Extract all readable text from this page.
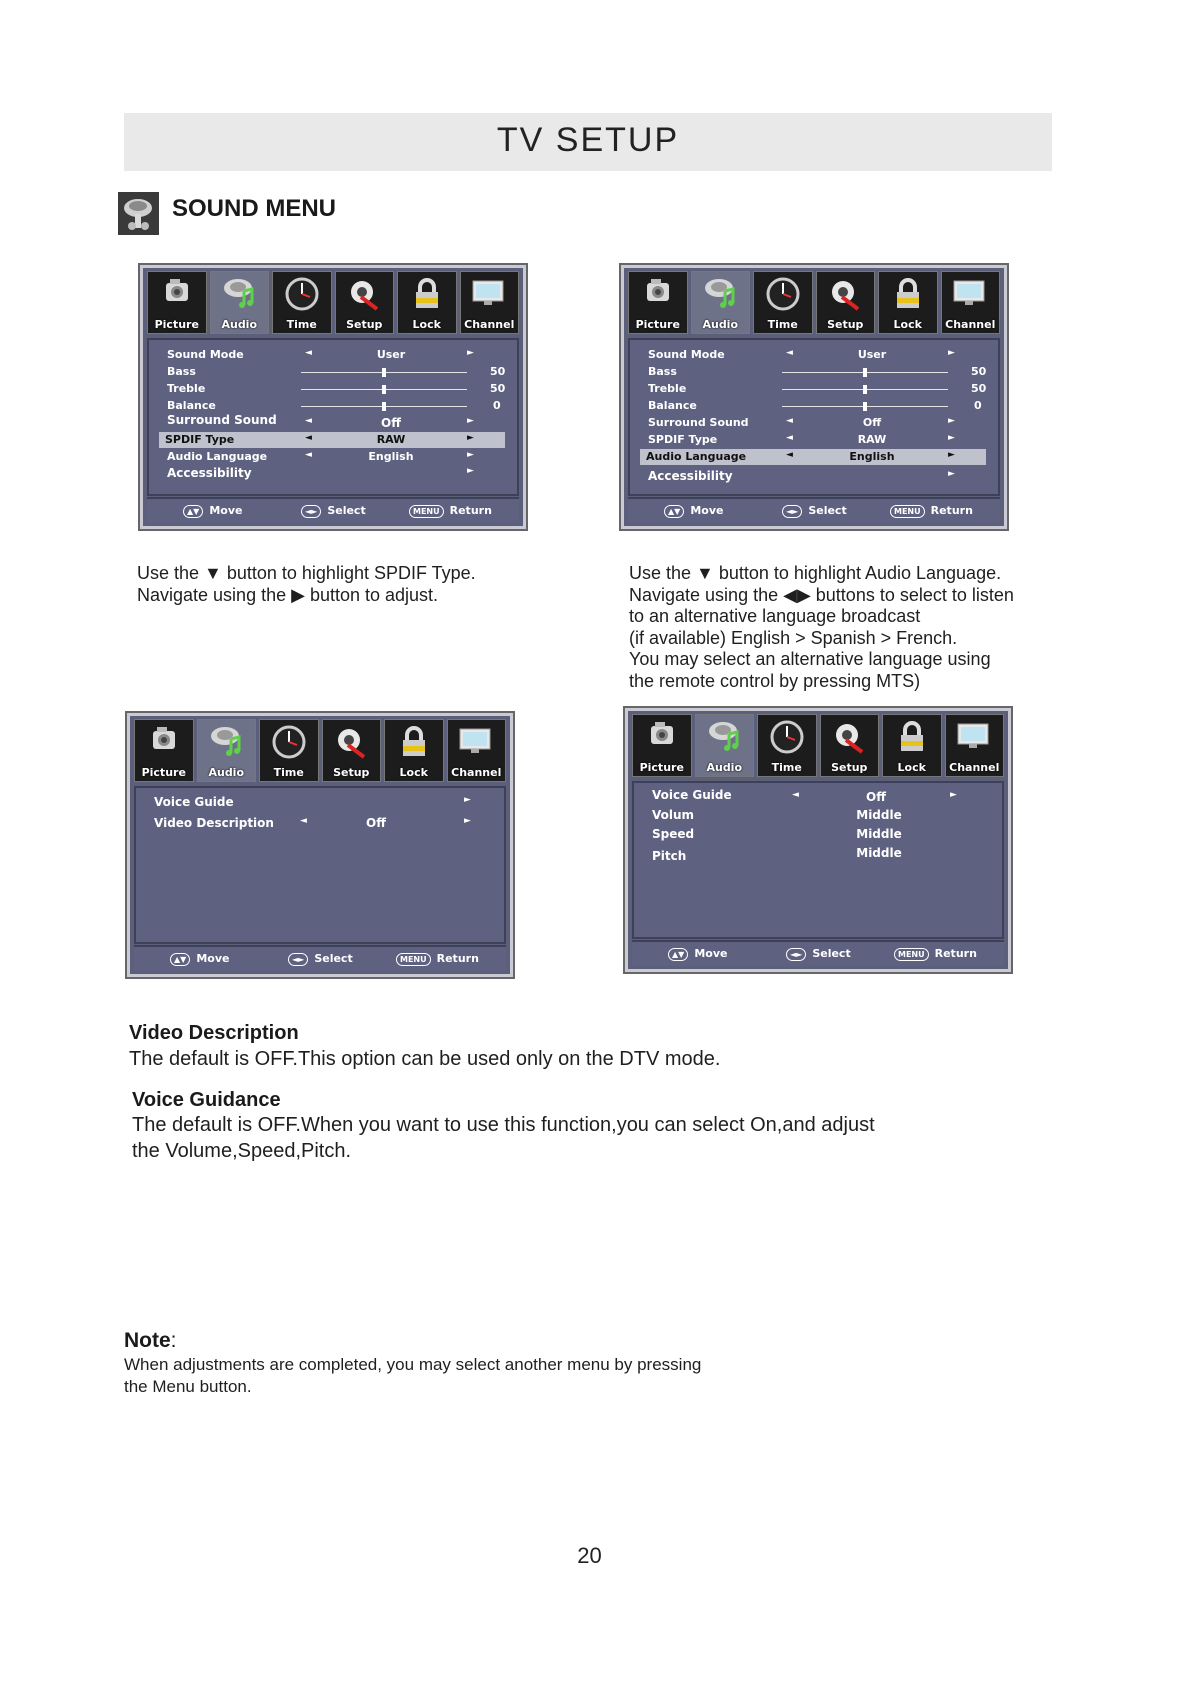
TV SETUP
SOUND MENU
Picture	Audio	Time	Setup	Lock	Channel
Sound Mode	◄	User	►
Bass	50
Treble	50
Balance	0
Surround Sound	◄	Off	►
SPDIF Type	◄	RAW	►
Audio Language	◄	English	►
Accessibility	►
▲▼ Move	◄► Select	MENU Return
Picture	Audio	Time	Setup	Lock	Channel
Sound Mode	◄	User	►
Bass	50
Treble	50
Balance	0
Surround Sound	◄	Off	►
SPDIF Type	◄	RAW	►
Audio Language	◄	English	►
Accessibility	►
▲▼ Move	◄► Select	MENU Return
Picture	Audio	Time	Setup	Lock	Channel
Voice Guide	►
Video Description	◄	Off	►
▲▼ Move	◄► Select	MENU Return
Picture	Audio	Time	Setup	Lock	Channel
Voice Guide	◄	Off	►
Volum	Middle
Speed	Middle
Pitch	Middle
▲▼ Move	◄► Select	MENU Return
Use the ▼ button to highlight SPDIF Type.
Navigate using the ▶ button to adjust.
Use the ▼ button to highlight Audio Language.
Navigate using the ◀▶ buttons to select to listen
to an alternative language broadcast
(if available) English > Spanish > French.
You may select an alternative language using
the remote control by pressing MTS)
Video Description
The default is OFF.This option can be used only on the DTV mode.
Voice Guidance
The default is OFF.When you want to use this function,you can select On,and adjust
the Volume,Speed,Pitch.
Note:
When adjustments are completed, you may select another menu by pressing
the Menu button.
20
